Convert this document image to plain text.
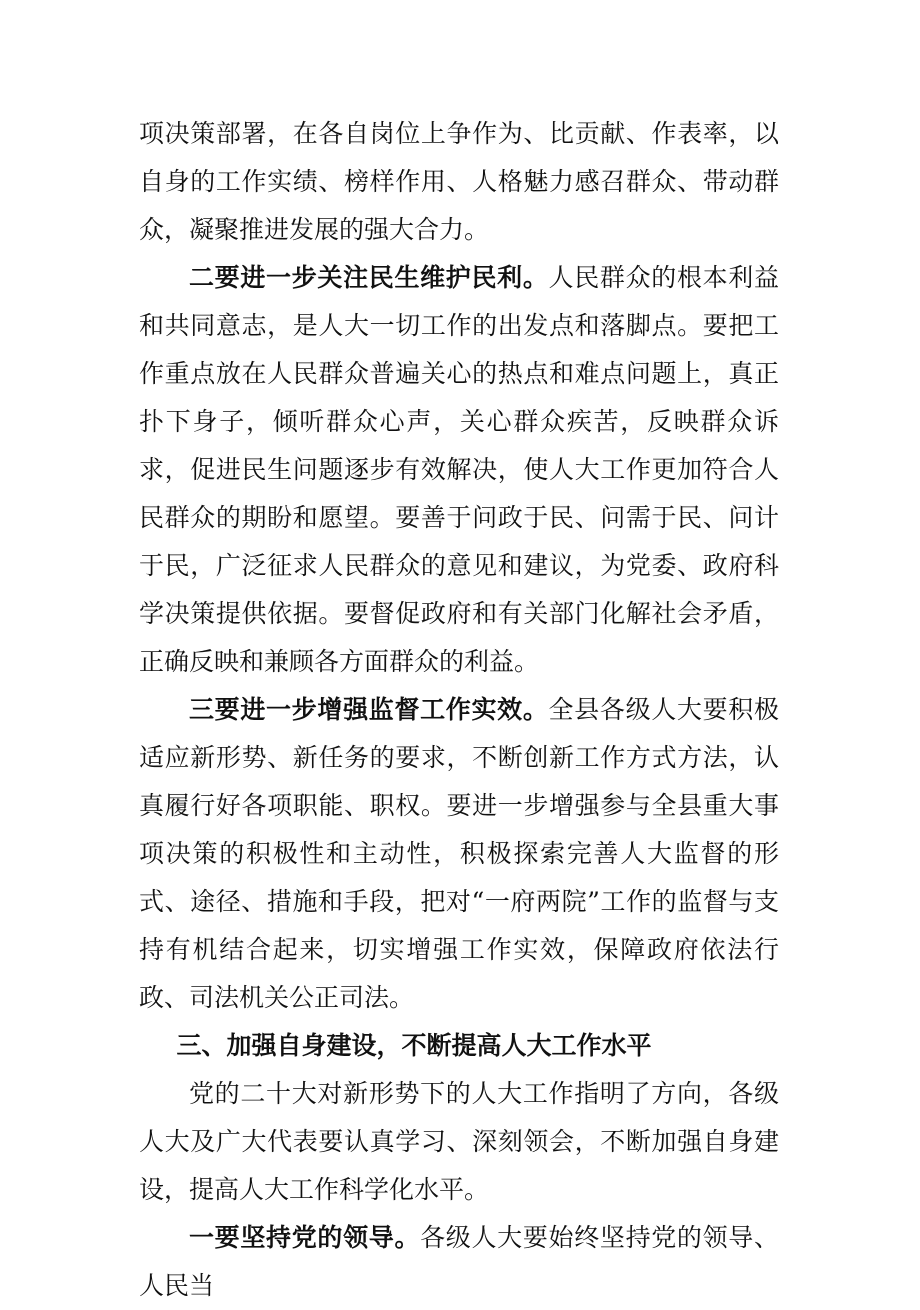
项决策部署，在各自岗位上争作为、比贡献、作表率，以自身的工作实绩、榜样作用、人格魅力感召群众、带动群众，凝聚推进发展的强大合力。

二要进一步关注民生维护民利。人民群众的根本利益和共同意志，是人大一切工作的出发点和落脚点。要把工作重点放在人民群众普遍关心的热点和难点问题上，真正扑下身子，倾听群众心声，关心群众疾苦，反映群众诉求，促进民生问题逐步有效解决，使人大工作更加符合人民群众的期盼和愿望。要善于问政于民、问需于民、问计于民，广泛征求人民群众的意见和建议，为党委、政府科学决策提供依据。要督促政府和有关部门化解社会矛盾，正确反映和兼顾各方面群众的利益。

三要进一步增强监督工作实效。全县各级人大要积极适应新形势、新任务的要求，不断创新工作方式方法，认真履行好各项职能、职权。要进一步增强参与全县重大事项决策的积极性和主动性，积极探索完善人大监督的形式、途径、措施和手段，把对“一府两院”工作的监督与支持有机结合起来，切实增强工作实效，保障政府依法行政、司法机关公正司法。

三、加强自身建设，不断提高人大工作水平

党的二十大对新形势下的人大工作指明了方向，各级人大及广大代表要认真学习、深刻领会，不断加强自身建设，提高人大工作科学化水平。

一要坚持党的领导。各级人大要始终坚持党的领导、人民当
